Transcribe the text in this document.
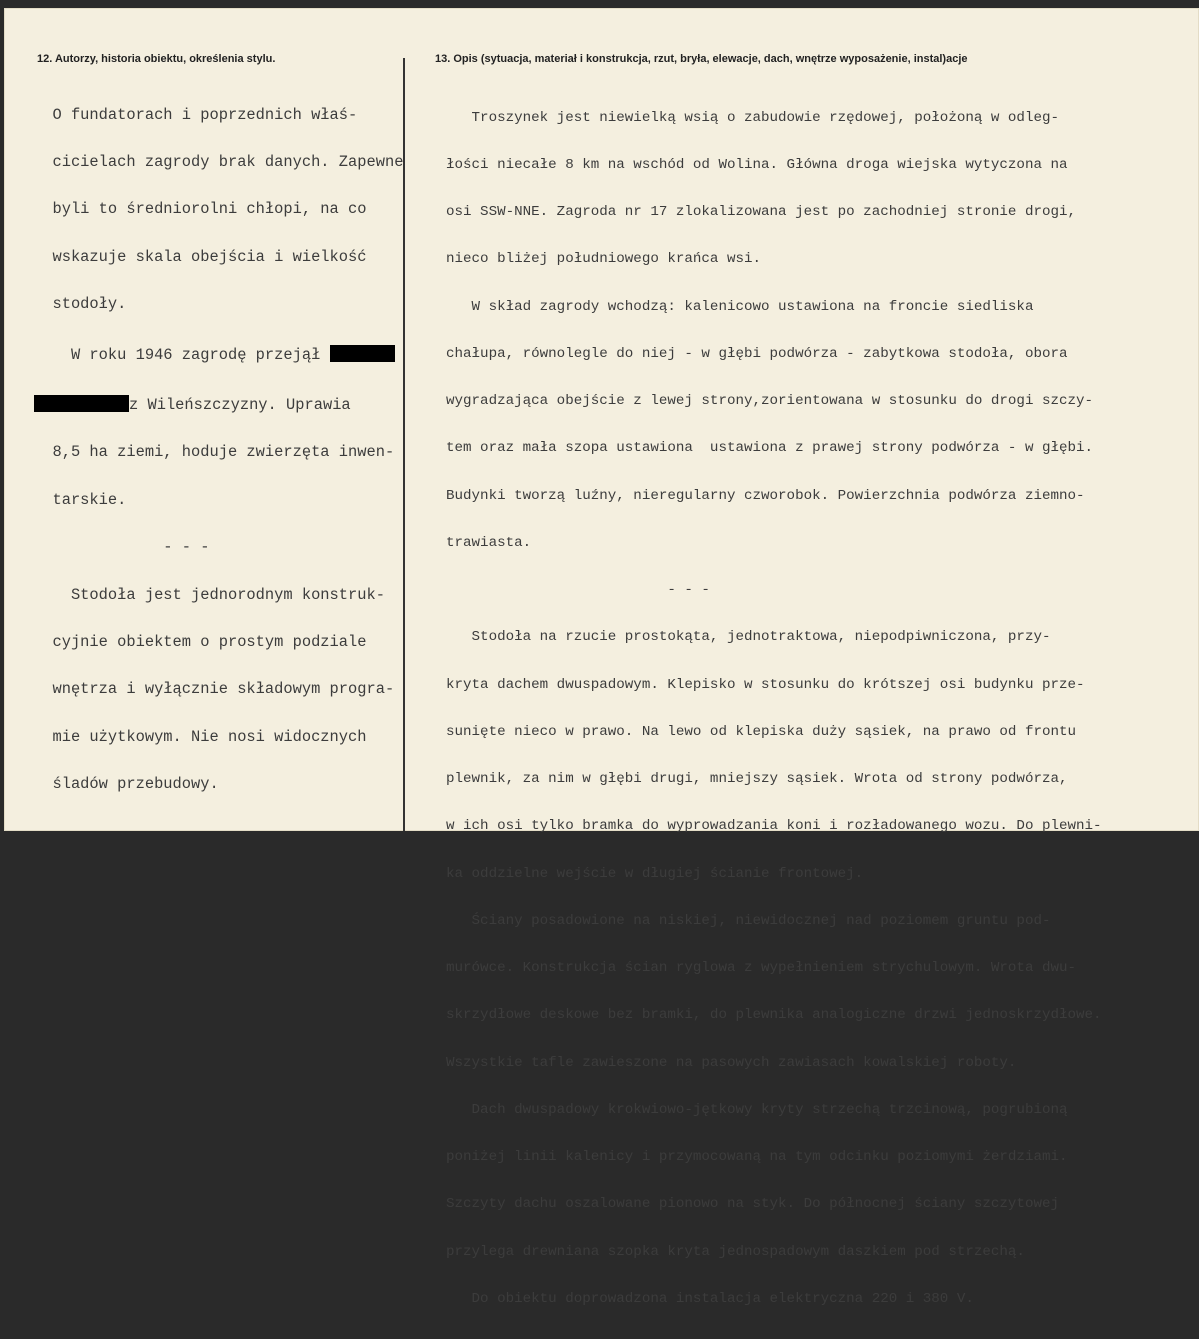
12. Autorzy, historia obiektu, określenia stylu.	13. Opis (sytuacja, materiał i konstrukcja, rzut, bryła, elewacje, dach, wnętrze wyposażenie, instal)acje

O fundatorach i poprzednich właś-

cicielach zagrody brak danych. Zapewne

byli to średniorolni chłopi, na co

wskazuje skala obejścia i wielkość

stodoły.

W roku 1946 zagrodę przejął

z Wileńszczyzny. Uprawia

8,5 ha ziemi, hoduje zwierzęta inwen-

tarskie.

- - -

Stodoła jest jednorodnym konstruk-

cyjnie obiektem o prostym podziale

wnętrza i wyłącznie składowym progra-

mie użytkowym. Nie nosi widocznych

śladów przebudowy.

Troszynek jest niewielką wsią o zabudowie rzędowej, położoną w odleg-

łości niecałe 8 km na wschód od Wolina. Główna droga wiejska wytyczona na

osi SSW-NNE. Zagroda nr 17 zlokalizowana jest po zachodniej stronie drogi,

nieco bliżej południowego krańca wsi.

W skład zagrody wchodzą: kalenicowo ustawiona na froncie siedliska

chałupa, równolegle do niej - w głębi podwórza - zabytkowa stodoła, obora

wygradzająca obejście z lewej strony,zorientowana w stosunku do drogi szczy-

tem oraz mała szopa ustawiona  ustawiona z prawej strony podwórza - w głębi.

Budynki tworzą luźny, nieregularny czworobok. Powierzchnia podwórza ziemno-

trawiasta.

- - -

Stodoła na rzucie prostokąta, jednotraktowa, niepodpiwniczona, przy-

kryta dachem dwuspadowym. Klepisko w stosunku do krótszej osi budynku prze-

sunięte nieco w prawo. Na lewo od klepiska duży sąsiek, na prawo od frontu

plewnik, za nim w głębi drugi, mniejszy sąsiek. Wrota od strony podwórza,

w ich osi tylko bramka do wyprowadzania koni i rozładowanego wozu. Do plewni-

ka oddzielne wejście w długiej ścianie frontowej.

Ściany posadowione na niskiej, niewidocznej nad poziomem gruntu pod-

murówce. Konstrukcja ścian ryglowa z wypełnieniem strychulowym. Wrota dwu-

skrzydłowe deskowe bez bramki, do plewnika analogiczne drzwi jednoskrzydłowe.

Wszystkie tafle zawieszone na pasowych zawiasach kowalskiej roboty.

Dach dwuspadowy krokwiowo-jętkowy kryty strzechą trzcinową, pogrubioną

poniżej linii kalenicy i przymocowaną na tym odcinku poziomymi żerdziami.

Szczyty dachu oszalowane pionowo na styk. Do północnej ściany szczytowej

przylega drewniana szopka kryta jednospadowym daszkiem pod strzechą.

Do obiektu doprowadzona instalacja elektryczna 220 i 380 V.
